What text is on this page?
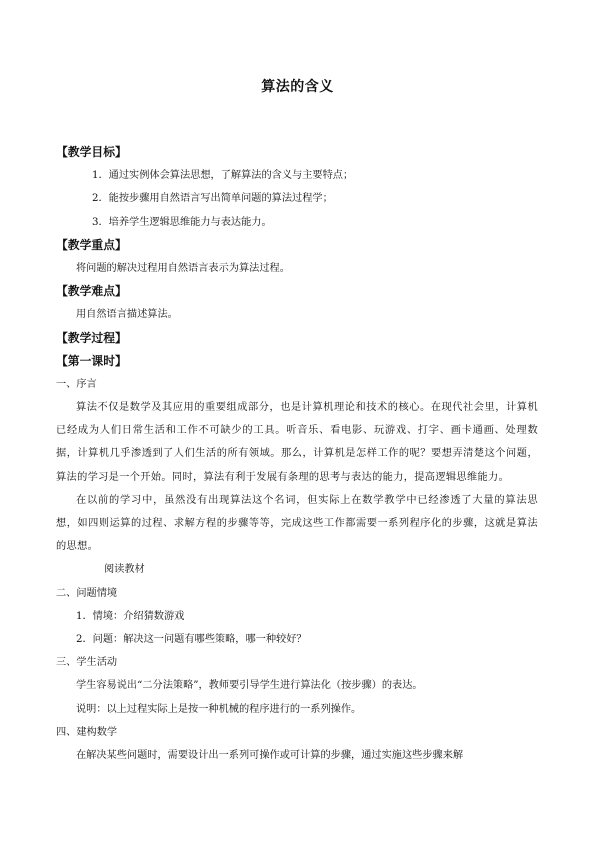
算法的含义
【教学目标】
1．通过实例体会算法思想，了解算法的含义与主要特点；
2．能按步骤用自然语言写出简单问题的算法过程学；
3．培养学生逻辑思维能力与表达能力。
【教学重点】
将问题的解决过程用自然语言表示为算法过程。
【教学难点】
用自然语言描述算法。
【教学过程】
【第一课时】
一、序言
算法不仅是数学及其应用的重要组成部分，也是计算机理论和技术的核心。在现代社会里，计算机已经成为人们日常生活和工作不可缺少的工具。听音乐、看电影、玩游戏、打字、画卡通画、处理数据，计算机几乎渗透到了人们生活的所有领域。那么，计算机是怎样工作的呢？要想弄清楚这个问题，算法的学习是一个开始。同时，算法有利于发展有条理的思考与表达的能力，提高逻辑思维能力。
在以前的学习中，虽然没有出现算法这个名词，但实际上在数学教学中已经渗透了大量的算法思想，如四则运算的过程、求解方程的步骤等等，完成这些工作都需要一系列程序化的步骤，这就是算法的思想。
阅读教材
二、问题情境
1．情境：介绍猜数游戏
2．问题：解决这一问题有哪些策略，哪一种较好？
三、学生活动
学生容易说出“二分法策略”，教师要引导学生进行算法化（按步骤）的表达。
说明：以上过程实际上是按一种机械的程序进行的一系列操作。
四、建构数学
在解决某些问题时，需要设计出一系列可操作或可计算的步骤，通过实施这些步骤来解
